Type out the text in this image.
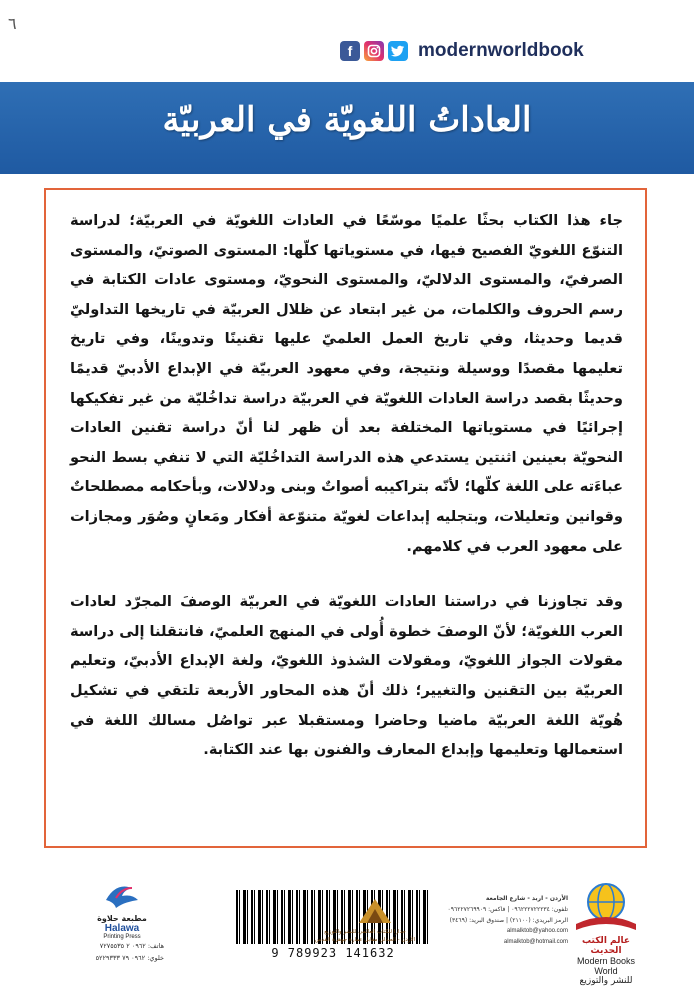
٦
f	modernworldbook
العاداتُ اللغويّة في العربيّة

جاء هذا الكتاب بحثًا علميًا موسّعًا في العادات اللغويّة في العربيّة؛ لدراسة التنوّع اللغويّ الفصيح فيها، في مستوياتها كلّها: المستوى الصوتيّ، والمستوى الصرفيّ، والمستوى الدلاليّ، والمستوى النحويّ، ومستوى عادات الكتابة في رسم الحروف والكلمات، من غير ابتعاد عن ظلال العربيّة في تاريخها التداوليّ قديما وحديثا، وفي تاريخ العمل العلميّ عليها تقنينًا وتدوينًا، وفي تاريخ تعليمها مقصدًا ووسيلة ونتيجة، وفي معهود العربيّة في الإبداع الأدبيّ قديمًا وحديثًا بقصد دراسة العادات اللغويّة في العربيّة دراسة تداخُليّة من غير تفكيكها إجرائيًا في مستوياتها المختلفة بعد أن ظهر لنا أنّ دراسة تقنين العادات النحويّة بعينين اثنتين يستدعي هذه الدراسة التداخُليّة التي لا تنفي بسط النحو عباءَته على اللغة كلّها؛ لأنّه بتراكيبه أصواتٌ وبنى ودلالات، وبأحكامه مصطلحاتٌ وقوانين وتعليلات، وبتجليه إبداعات لغويّة متنوّعة أفكار ومَعانٍ وصُوَر ومجازات على معهود العرب في كلامهم.

وقد تجاوزنا في دراستنا العادات اللغويّة في العربيّة الوصفَ المجرّد لعادات العرب اللغويّة؛ لأنّ الوصفَ خطوة أُولى في المنهج العلميّ، فانتقلنا إلى دراسة مقولات الجواز اللغويّ، ومقولات الشذوذ اللغويّ، ولغة الإبداع الأدبيّ، وتعليم العربيّة بين التقنين والتغيير؛ ذلك أنّ هذه المحاور الأربعة تلتقي في تشكيل هُويّة اللغة العربيّة ماضيا وحاضرا ومستقبلا عبر تواصُل مسالك اللغة في استعمالها وتعليمها وإبداع المعارف والفنون بها عند الكتابة.

عالم الكتب الحديث
Modern Books World
للنشر والتوزيع
الأردن - اربد - شارع الجامعة
تلفون: ٠٩٦٢٢٢٧٢٢٢٣٤ | فاكس: ٠٩٦٢٢٧٢٦٩٩٠٩
الرمز البريدي: (٢١١٠٠) | صندوق البريد: (٣٤٦٩)
almalktob@yahoo.com
almalktob@hotmail.com
9 789923 141632
جدارا للكتاب العالمي للنشر والتوزيع
الأردن - العبدلي مقابل عمارة جوهرة القدس
مطبعة حلاوة
Halawa
Printing Press
هاتف: ٠٩٦٢ ٢ ٧٢٧٥٥٣٥
خلوي: ٠٩٦٢ ٧٩ ٥٢٢٩٣٣٣
